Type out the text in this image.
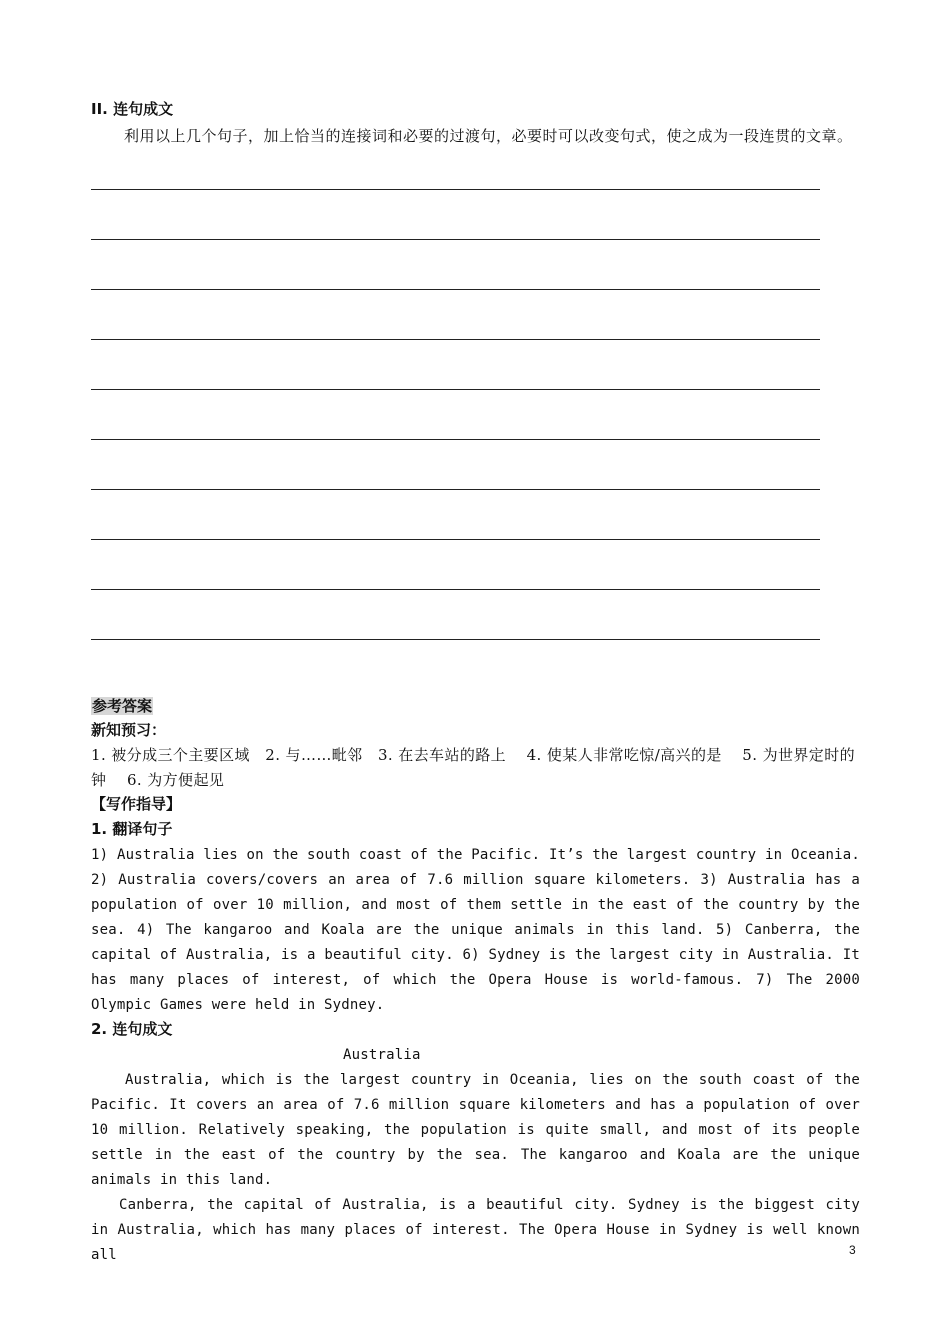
II. 连句成文
利用以上几个句子，加上恰当的连接词和必要的过渡句，必要时可以改变句式，使之成为一段连贯的文章。
参考答案
新知预习：
1. 被分成三个主要区域　2. 与……毗邻　3. 在去车站的路上　 4. 使某人非常吃惊/高兴的是　 5. 为世界定时的钟　 6. 为方便起见
【写作指导】
1. 翻译句子
1) Australia lies on the south coast of the Pacific. It’s the largest country in Oceania. 2) Australia covers/covers an area of 7.6 million square kilometers. 3) Australia has a population of over 10 million, and most of them settle in the east of the country by the sea. 4) The kangaroo and Koala are the unique animals in this land. 5) Canberra, the capital of Australia, is a beautiful city. 6) Sydney is the largest city in Australia. It has many places of interest, of which the Opera House is world-famous. 7) The 2000 Olympic Games were held in Sydney.
2. 连句成文
Australia
Australia, which is the largest country in Oceania, lies on the south coast of the Pacific. It covers an area of 7.6 million square kilometers and has a population of over 10 million. Relatively speaking, the population is quite small, and most of its people settle in the east of the country by the sea. The kangaroo and Koala are the unique animals in this land.
Canberra, the capital of Australia, is a beautiful city. Sydney is the biggest city in Australia, which has many places of interest. The Opera House in Sydney is well known all	3
